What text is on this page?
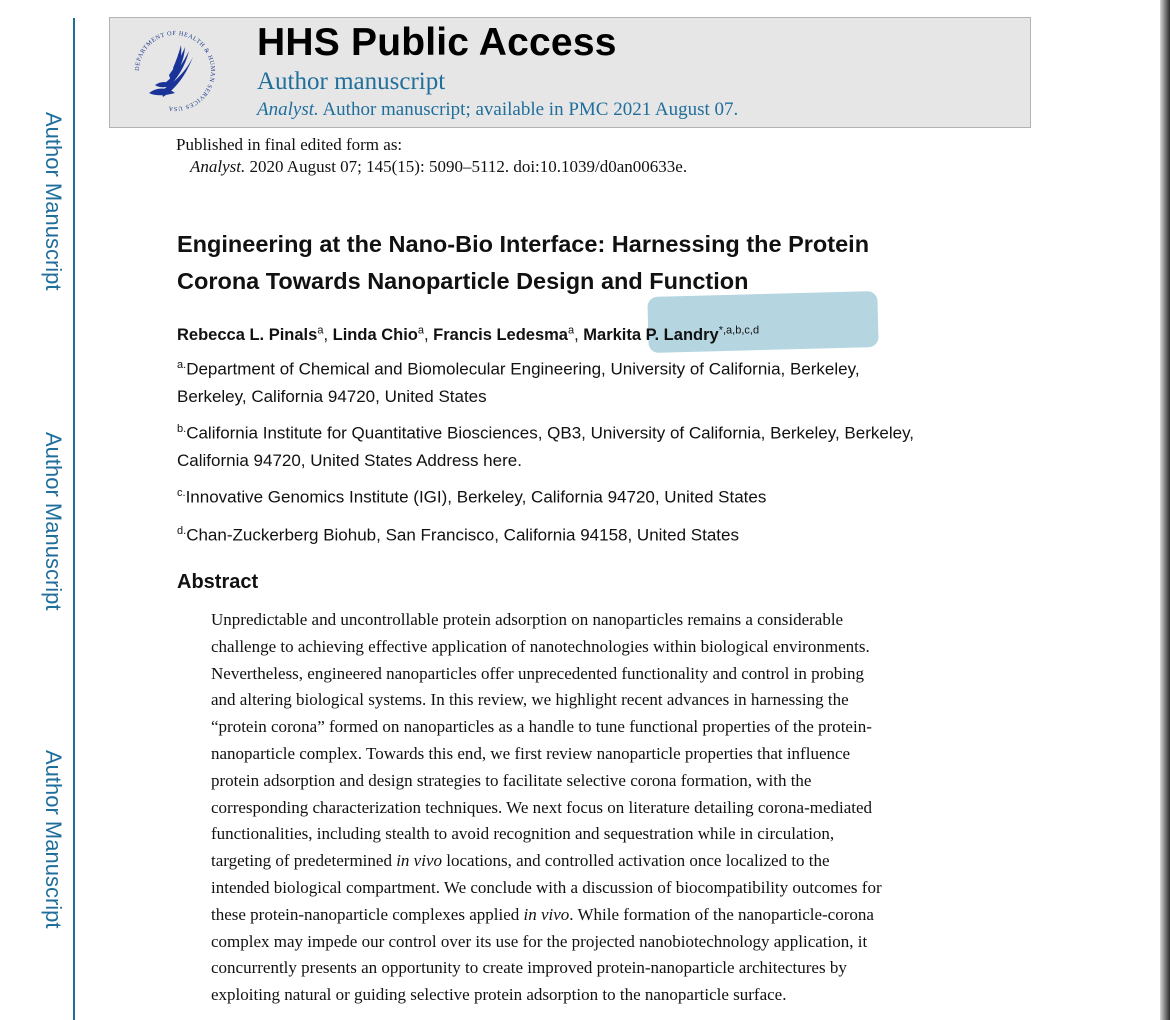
Author Manuscript
Author Manuscript
Author Manuscript
DEPARTMENT OF HEALTH & HUMAN SERVICES USA
HHS Public Access
Author manuscript
Analyst. Author manuscript; available in PMC 2021 August 07.
Published in final edited form as:
Analyst. 2020 August 07; 145(15): 5090–5112. doi:10.1039/d0an00633e.
Engineering at the Nano-Bio Interface: Harnessing the Protein
Corona Towards Nanoparticle Design and Function
Rebecca L. Pinals$^a$, Linda Chio$^a$, Francis Ledesma$^a$, Markita P. Landry$^{*,a,b,c,d}$
$^{a.}$Department of Chemical and Biomolecular Engineering, University of California, Berkeley,
Berkeley, California 94720, United States
$^{b.}$California Institute for Quantitative Biosciences, QB3, University of California, Berkeley, Berkeley,
California 94720, United States Address here.
$^{c.}$Innovative Genomics Institute (IGI), Berkeley, California 94720, United States
$^{d.}$Chan-Zuckerberg Biohub, San Francisco, California 94158, United States
Abstract
Unpredictable and uncontrollable protein adsorption on nanoparticles remains a considerable
challenge to achieving effective application of nanotechnologies within biological environments.
Nevertheless, engineered nanoparticles offer unprecedented functionality and control in probing
and altering biological systems. In this review, we highlight recent advances in harnessing the
“protein corona” formed on nanoparticles as a handle to tune functional properties of the protein-
nanoparticle complex. Towards this end, we first review nanoparticle properties that influence
protein adsorption and design strategies to facilitate selective corona formation, with the
corresponding characterization techniques. We next focus on literature detailing corona-mediated
functionalities, including stealth to avoid recognition and sequestration while in circulation,
targeting of predetermined in vivo locations, and controlled activation once localized to the
intended biological compartment. We conclude with a discussion of biocompatibility outcomes for
these protein-nanoparticle complexes applied in vivo. While formation of the nanoparticle-corona
complex may impede our control over its use for the projected nanobiotechnology application, it
concurrently presents an opportunity to create improved protein-nanoparticle architectures by
exploiting natural or guiding selective protein adsorption to the nanoparticle surface.
